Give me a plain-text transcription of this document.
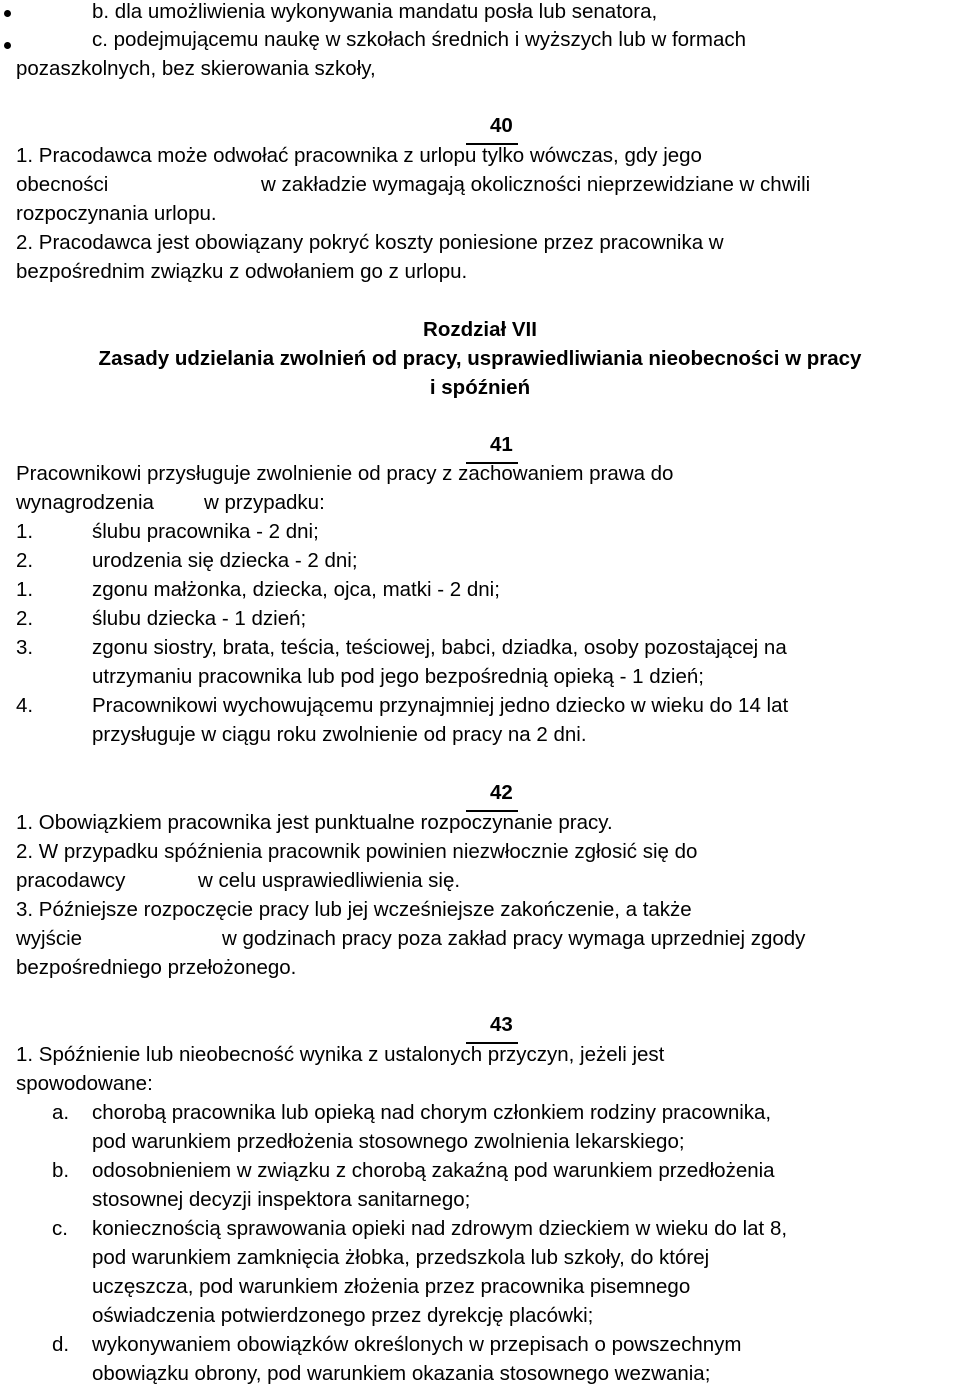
b. dla umożliwienia wykonywania mandatu posła lub senatora,
c. podejmującemu naukę w szkołach średnich i wyższych lub w formach
pozaszkolnych, bez skierowania szkoły,
40
1. Pracodawca może odwołać pracownika z urlopu tylko wówczas, gdy jego
obecności	w zakładzie wymagają okoliczności nieprzewidziane w chwili
rozpoczynania urlopu.
2. Pracodawca jest obowiązany pokryć koszty poniesione przez pracownika w
bezpośrednim związku z odwołaniem go z urlopu.
Rozdział VII
Zasady udzielania zwolnień od pracy, usprawiedliwiania nieobecności w pracy
i spóźnień
41
Pracownikowi przysługuje zwolnienie od pracy z zachowaniem prawa do
wynagrodzenia w przypadku:
1.	ślubu pracownika - 2 dni;
2.	urodzenia się dziecka - 2 dni;
1.	zgonu małżonka, dziecka, ojca, matki - 2 dni;
2.	ślubu dziecka - 1 dzień;
3.	zgonu siostry, brata, teścia, teściowej, babci, dziadka, osoby pozostającej na
utrzymaniu pracownika lub pod jego bezpośrednią opieką - 1 dzień;
4.	Pracownikowi wychowującemu przynajmniej jedno dziecko w wieku do 14 lat
przysługuje w ciągu roku zwolnienie od pracy na 2 dni.
42
1. Obowiązkiem pracownika jest punktualne rozpoczynanie pracy.
2. W przypadku spóźnienia pracownik powinien niezwłocznie zgłosić się do
pracodawcy	w celu usprawiedliwienia się.
3. Późniejsze rozpoczęcie pracy lub jej wcześniejsze zakończenie, a także
wyjście	w godzinach pracy poza zakład pracy wymaga uprzedniej zgody
bezpośredniego przełożonego.
43
1. Spóźnienie lub nieobecność wynika z ustalonych przyczyn, jeżeli jest
spowodowane:
a. chorobą pracownika lub opieką nad chorym członkiem rodziny pracownika,
pod warunkiem przedłożenia stosownego zwolnienia lekarskiego;
b. odosobnieniem w związku z chorobą zakaźną pod warunkiem przedłożenia
stosownej decyzji inspektora sanitarnego;
c. koniecznością sprawowania opieki nad zdrowym dzieckiem w wieku do lat 8,
pod warunkiem zamknięcia żłobka, przedszkola lub szkoły, do której
uczęszcza, pod warunkiem złożenia przez pracownika pisemnego
oświadczenia potwierdzonego przez dyrekcję placówki;
d. wykonywaniem obowiązków określonych w przepisach o powszechnym
obowiązku obrony, pod warunkiem okazania stosownego wezwania;
